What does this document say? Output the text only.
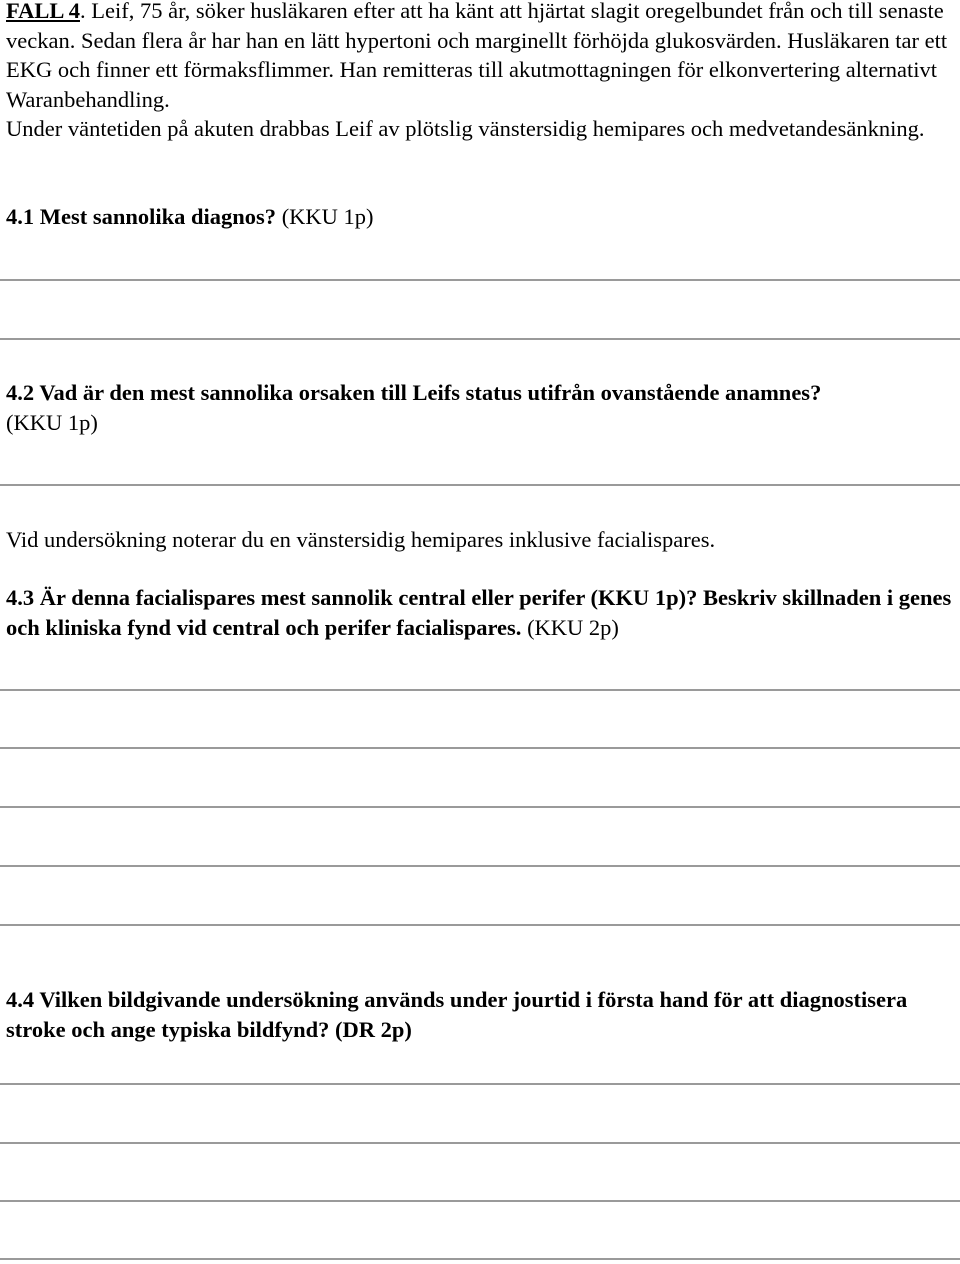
FALL 4. Leif, 75 år, söker husläkaren efter att ha känt att hjärtat slagit oregelbundet från och till senaste veckan. Sedan flera år har han en lätt hypertoni och marginellt förhöjda glukosvärden. Husläkaren tar ett EKG och finner ett förmaksflimmer. Han remitteras till akutmottagningen för elkonvertering alternativt Waranbehandling.
Under väntetiden på akuten drabbas Leif av plötslig vänstersidig hemipares och medvetandesänkning.

4.1 Mest sannolika diagnos? (KKU 1p)

4.2 Vad är den mest sannolika orsaken till Leifs status utifrån ovanstående anamnes?
(KKU 1p)

Vid undersökning noterar du en vänstersidig hemipares inklusive facialispares.

4.3 Är denna facialispares mest sannolik central eller perifer (KKU 1p)? Beskriv skillnaden i genes och kliniska fynd vid central och perifer facialispares. (KKU 2p)

4.4 Vilken bildgivande undersökning används under jourtid i första hand för att diagnostisera stroke och ange typiska bildfynd? (DR 2p)
